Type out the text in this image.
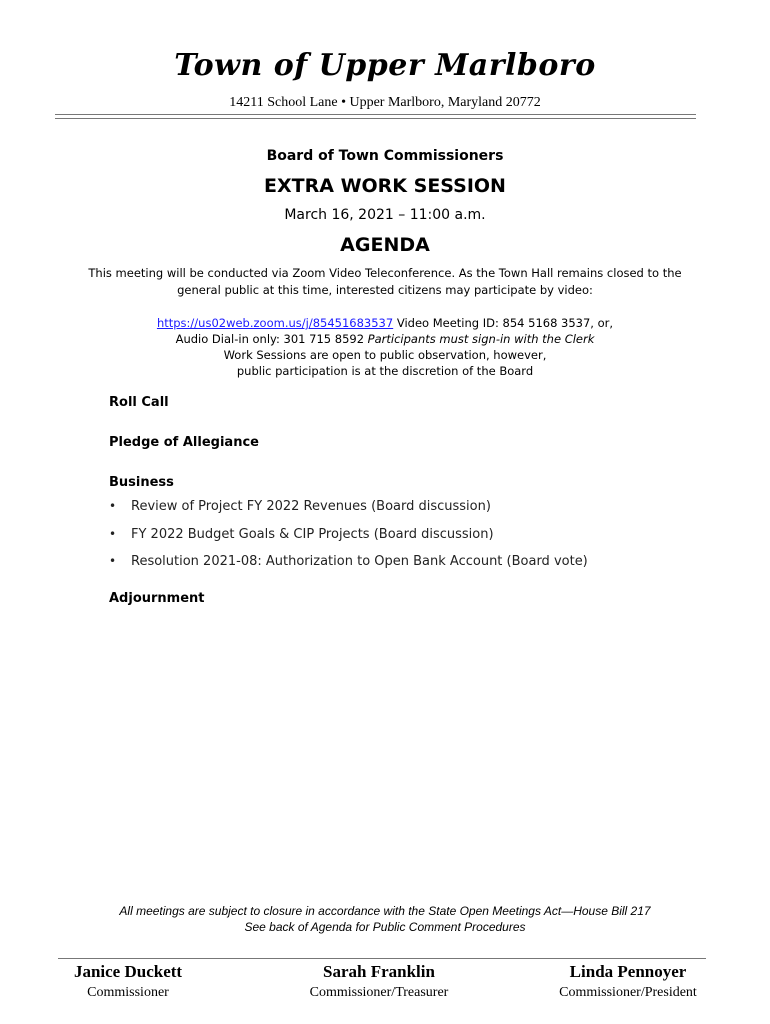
Town of Upper Marlboro
14211 School Lane • Upper Marlboro, Maryland 20772
Board of Town Commissioners
EXTRA WORK SESSION
March 16, 2021 – 11:00 a.m.
AGENDA
This meeting will be conducted via Zoom Video Teleconference. As the Town Hall remains closed to the
general public at this time, interested citizens may participate by video:
https://us02web.zoom.us/j/85451683537 Video Meeting ID: 854 5168 3537, or,
Audio Dial-in only: 301 715 8592 Participants must sign-in with the Clerk
Work Sessions are open to public observation, however,
public participation is at the discretion of the Board
Roll Call
Pledge of Allegiance
Business
• Review of Project FY 2022 Revenues (Board discussion)
• FY 2022 Budget Goals & CIP Projects (Board discussion)
• Resolution 2021-08: Authorization to Open Bank Account (Board vote)
Adjournment
All meetings are subject to closure in accordance with the State Open Meetings Act—House Bill 217
See back of Agenda for Public Comment Procedures
Janice Duckett
Commissioner
Sarah Franklin
Commissioner/Treasurer
Linda Pennoyer
Commissioner/President
